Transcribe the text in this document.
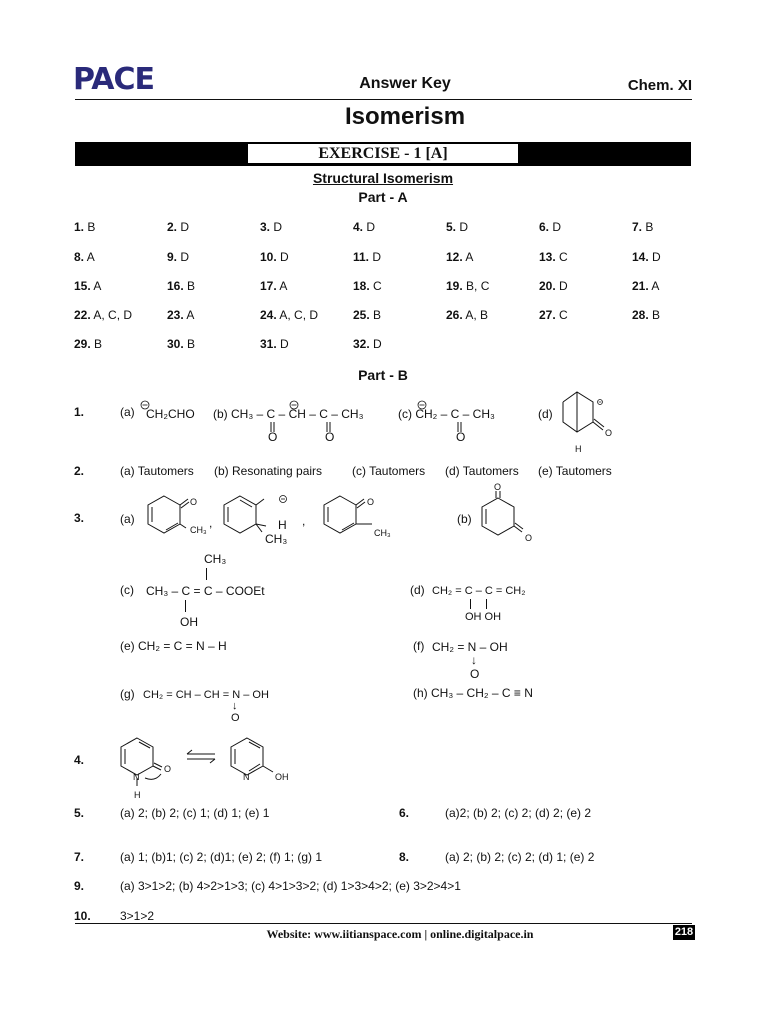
PACE	Answer Key	Chem. XI
Isomerism
EXERCISE - 1 [A]
Structural Isomerism
Part - A
1. B	2. D	3. D	4. D	5. D	6. D	7. B
8. A	9. D	10. D	11. D	12. A	13. C	14. D
15. A	16. B	17. A	18. C	19. B, C	20. D	21. A
22. A, C, D	23. A	24. A, C, D	25. B	26. A, B	27. C	28. B
29. B	30. B	31. D	32. D
Part - B
1.	(a) CH₂CHO (b) CH₃ – C – CH – C – CH₃
O	O
(c) CH₂ – C – CH₃
O
(d)
O
H
2.	(a) Tautomers (b) Resonating pairs (c) Tautomers (d) Tautomers (e) Tautomers
3.	(a)
O
CH₃ ,	H
CH₃
,
O
CH₃
(b)
O
O
CH₃
(c) CH₃ – C = C – COOEt
OH
(d) CH₂ = C – C = CH₂
OH OH
(e) CH₂ = C = N – H	(f) CH₂ = N – OH
↓
O
(g) CH₂ = CH – CH = N – OH
↓
O
(h) CH₃ – CH₂ – C ≡ N
4.
N
H
O
N	OH
5.	(a) 2; (b) 2; (c) 1; (d) 1; (e) 1	6.	(a)2; (b) 2; (c) 2; (d) 2; (e) 2
7.	(a) 1; (b)1; (c) 2; (d)1; (e) 2; (f) 1; (g) 1	8.	(a) 2; (b) 2; (c) 2; (d) 1; (e) 2
9.	(a) 3>1>2; (b) 4>2>1>3; (c) 4>1>3>2; (d) 1>3>4>2; (e) 3>2>4>1
10. 3>1>2
Website: www.iitianspace.com | online.digitalpace.in	218
